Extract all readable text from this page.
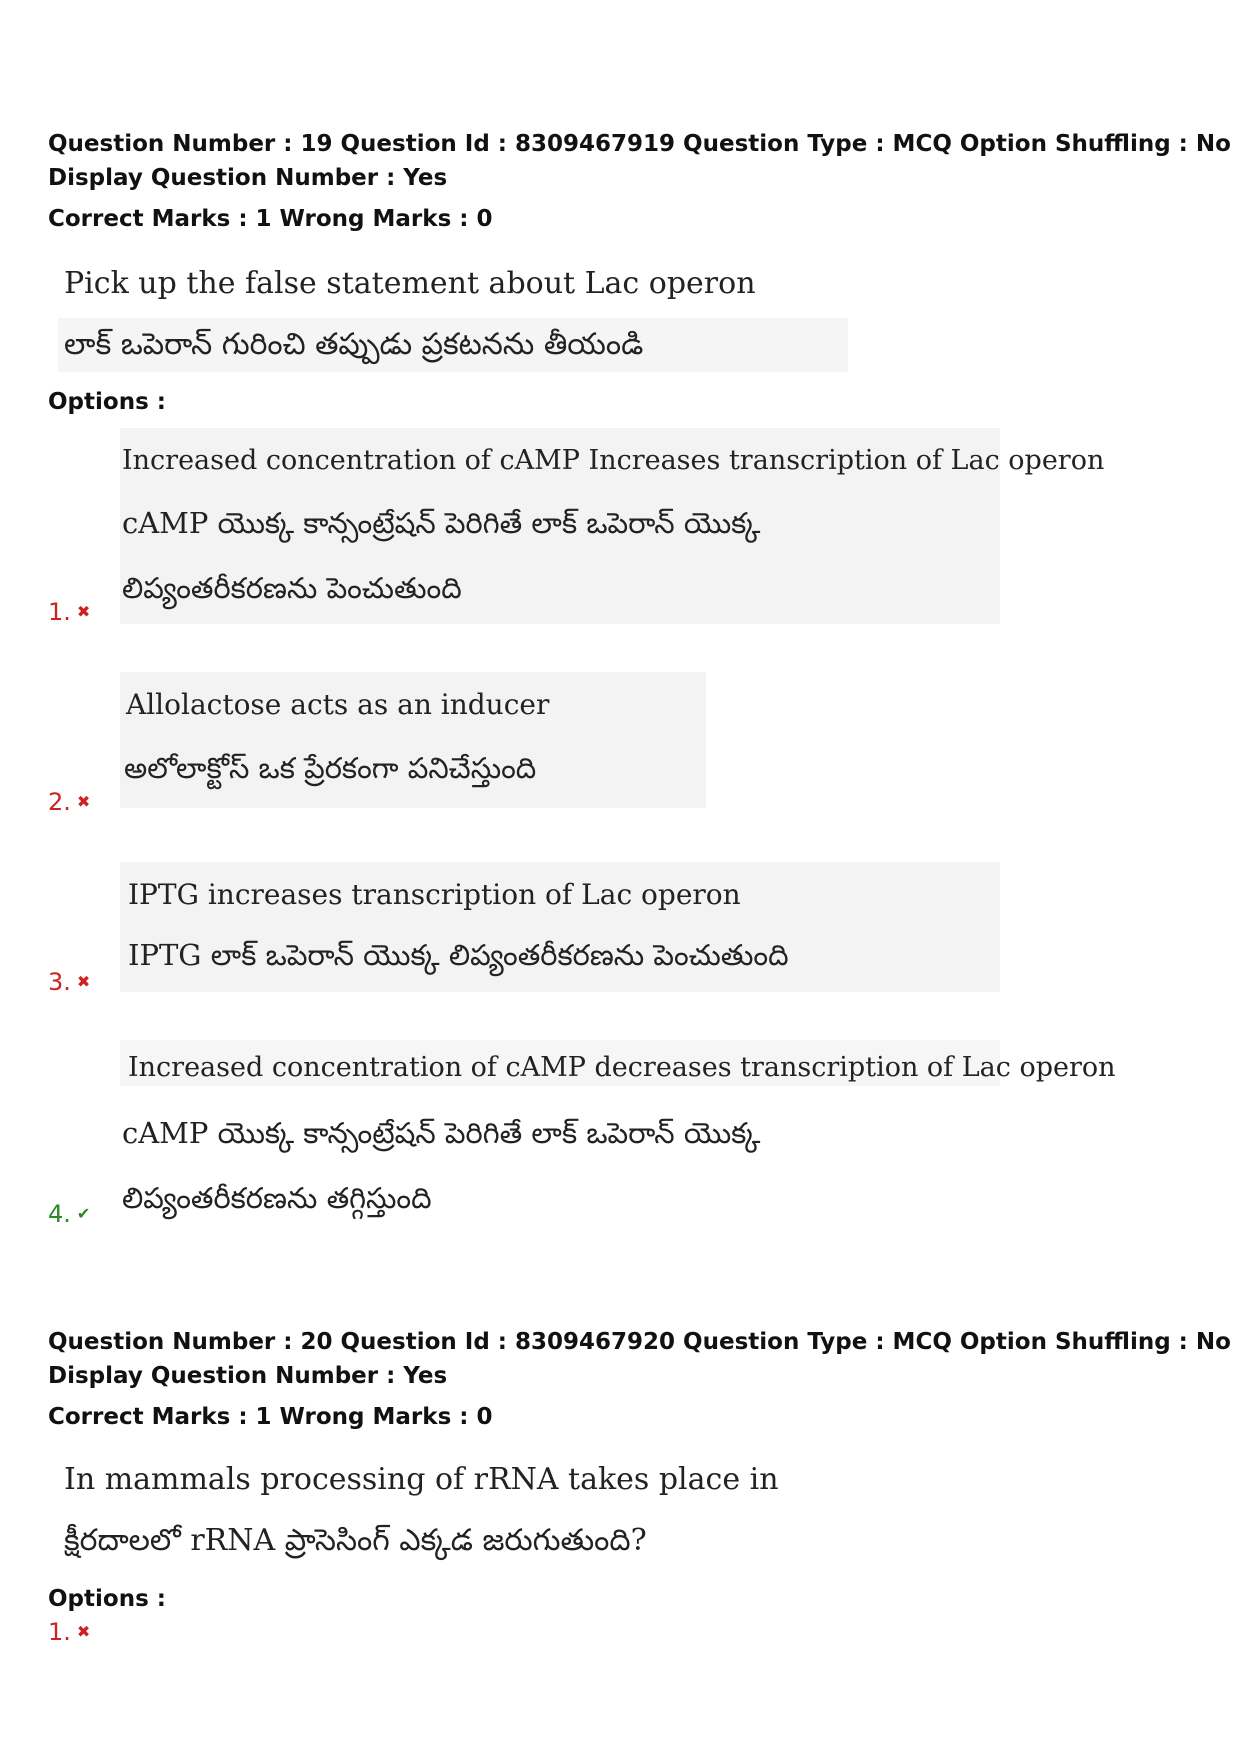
Question Number : 19 Question Id : 8309467919 Question Type : MCQ Option Shuffling : No
Display Question Number : Yes
Correct Marks : 1 Wrong Marks : 0
Pick up the false statement about Lac operon
లాక్ ఒపెరాన్ గురించి తప్పుడు ప్రకటనను తీయండి
Options :
Increased concentration of cAMP Increases transcription of Lac operon
cAMP యొక్క కాన్సంట్రేషన్ పెరిగితే లాక్ ఒపెరాన్ యొక్క
లిప్యంతరీకరణను పెంచుతుంది
1. ✖
Allolactose acts as an inducer
అలోలాక్టోస్ ఒక ప్రేరకంగా పనిచేస్తుంది
2. ✖
IPTG increases transcription of Lac operon
IPTG లాక్ ఒపెరాన్ యొక్క లిప్యంతరీకరణను పెంచుతుంది
3. ✖
Increased concentration of cAMP decreases transcription of Lac operon
cAMP యొక్క కాన్సంట్రేషన్ పెరిగితే లాక్ ఒపెరాన్ యొక్క
లిప్యంతరీకరణను తగ్గిస్తుంది
4. ✔
Question Number : 20 Question Id : 8309467920 Question Type : MCQ Option Shuffling : No
Display Question Number : Yes
Correct Marks : 1 Wrong Marks : 0
In mammals processing of rRNA takes place in
క్షీరదాలలో rRNA ప్రాసెసింగ్ ఎక్కడ జరుగుతుంది?
Options :
1. ✖
